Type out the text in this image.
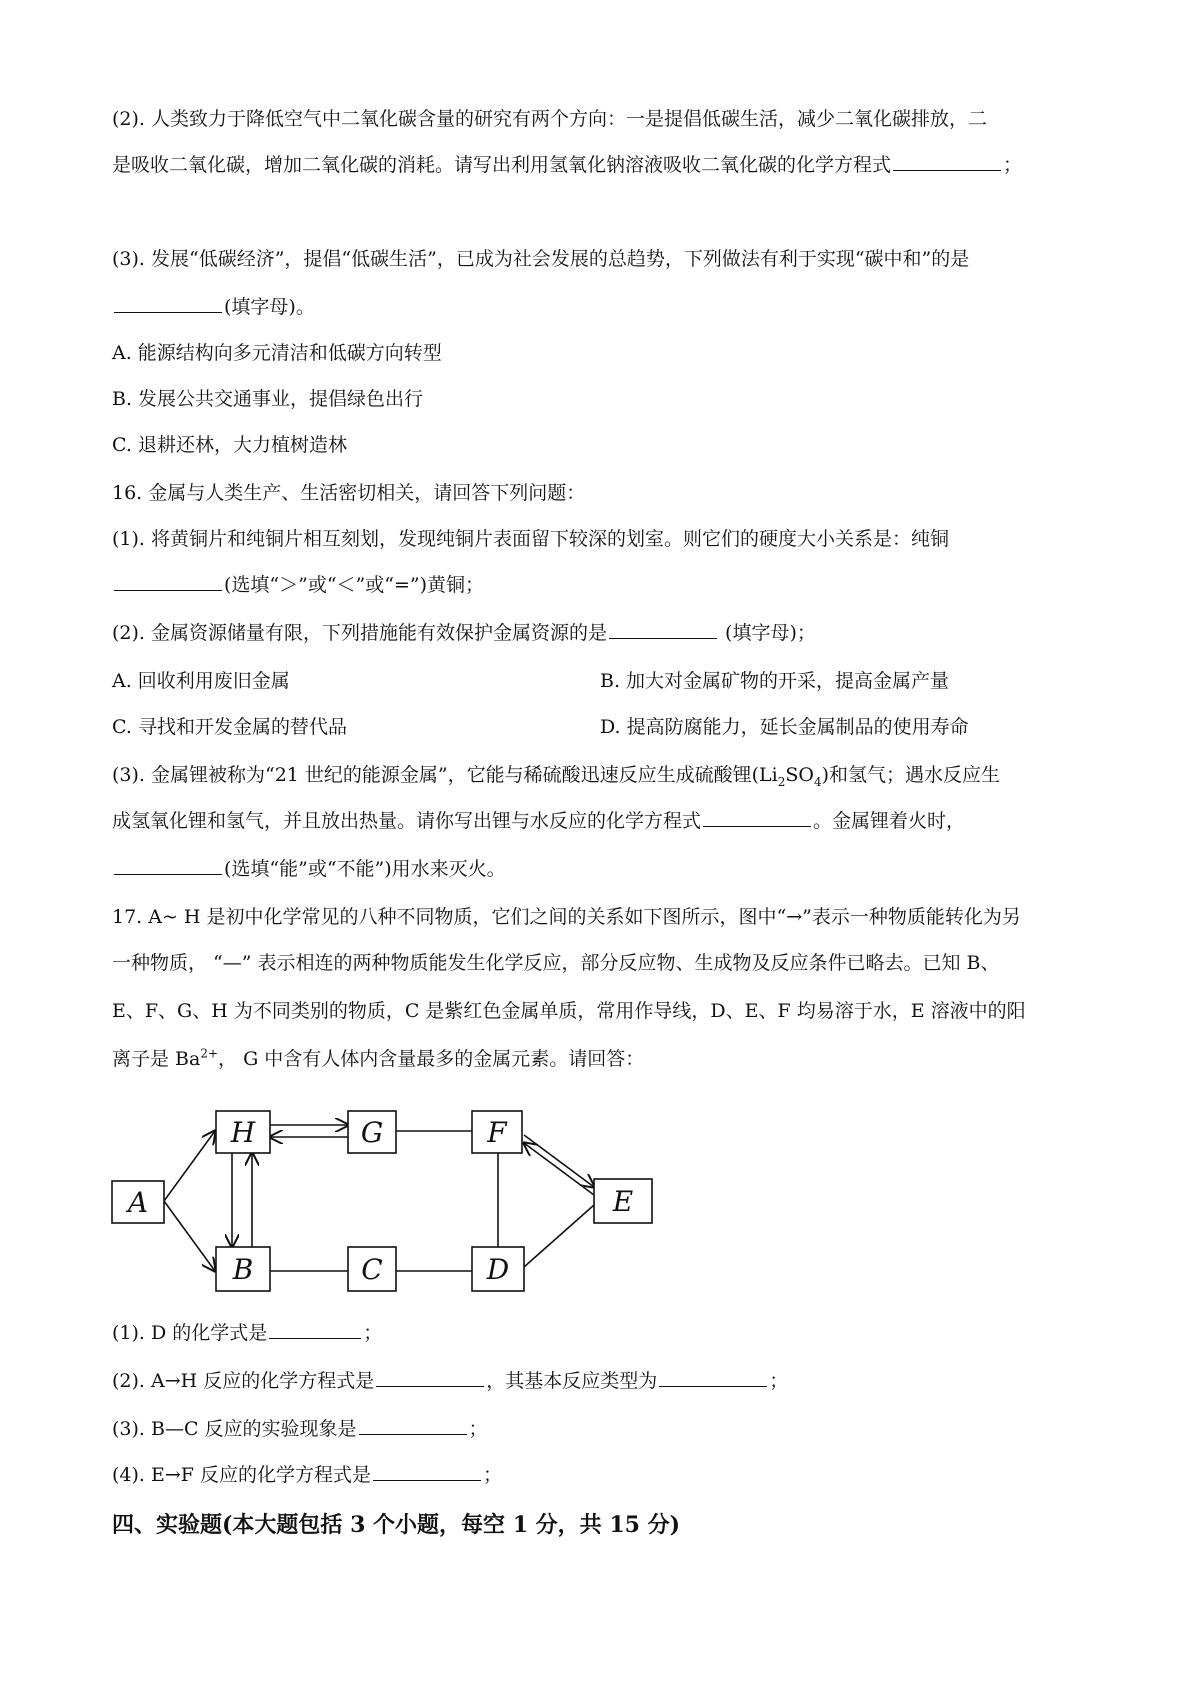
(2). 人类致力于降低空气中二氧化碳含量的研究有两个方向：一是提倡低碳生活，减少二氧化碳排放，二
是吸收二氧化碳，增加二氧化碳的消耗。请写出利用氢氧化钠溶液吸收二氧化碳的化学方程式	；
(3). 发展“低碳经济”，提倡“低碳生活”，已成为社会发展的总趋势，下列做法有利于实现“碳中和”的是
(填字母)。
A. 能源结构向多元清洁和低碳方向转型
B. 发展公共交通事业，提倡绿色出行
C. 退耕还林，大力植树造林
16. 金属与人类生产、生活密切相关，请回答下列问题：
(1). 将黄铜片和纯铜片相互刻划，发现纯铜片表面留下较深的划室。则它们的硬度大小关系是：纯铜
(选填“＞”或“＜”或“=”)黄铜；
(2). 金属资源储量有限，下列措施能有效保护金属资源的是	(填字母)；
A. 回收利用废旧金属	B. 加大对金属矿物的开采，提高金属产量
C. 寻找和开发金属的替代品	D. 提高防腐能力，延长金属制品的使用寿命
(3). 金属锂被称为“21 世纪的能源金属”，它能与稀硫酸迅速反应生成硫酸锂$(Li_2SO_4)$和氢气；遇水反应生
成氢氧化锂和氢气，并且放出热量。请你写出锂与水反应的化学方程式	。金属锂着火时，
(选填“能”或“不能”)用水来灭火。
17. A~ H 是初中化学常见的八种不同物质，它们之间的关系如下图所示，图中“→”表示一种物质能转化为另
一种物质， “—” 表示相连的两种物质能发生化学反应，部分反应物、生成物及反应条件已略去。已知 B、
E、F、G、H 为不同类别的物质，C 是紫红色金属单质，常用作导线，D、E、F 均易溶于水，E 溶液中的阳
离子是 $Ba^{2+}$， G 中含有人体内含量最多的金属元素。请回答：
A
H	G	F
B	C	D
E
(1). D 的化学式是	；
(2). A→H 反应的化学方程式是	，其基本反应类型为	；
(3). B—C 反应的实验现象是	；
(4). E→F 反应的化学方程式是	；
四、实验题(本大题包括 3 个小题，每空 1 分，共 15 分)
